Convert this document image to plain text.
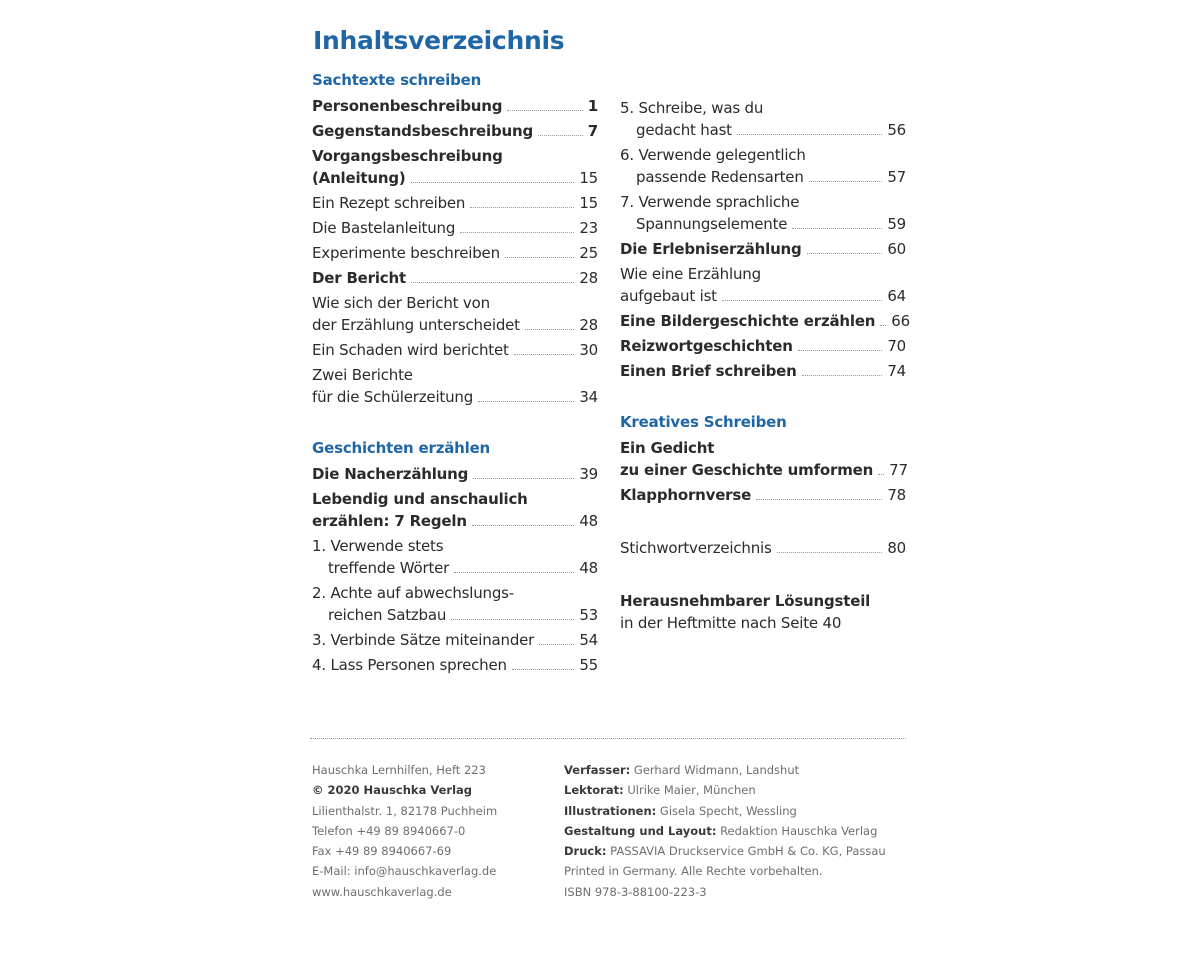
Inhaltsverzeichnis
Sachtexte schreiben
Personenbeschreibung	1
Gegenstandsbeschreibung	7
Vorgangsbeschreibung
(Anleitung)	15
Ein Rezept schreiben	15
Die Bastelanleitung	23
Experimente beschreiben	25
Der Bericht	28
Wie sich der Bericht von
der Erzählung unterscheidet	28
Ein Schaden wird berichtet	30
Zwei Berichte
für die Schülerzeitung	34
Geschichten erzählen
Die Nacherzählung	39
Lebendig und anschaulich
erzählen: 7 Regeln	48
1. Verwende stets
treffende Wörter	48
2. Achte auf abwechslungs-
reichen Satzbau	53
3. Verbinde Sätze miteinander	54
4. Lass Personen sprechen	55
5. Schreibe, was du
gedacht hast	56
6. Verwende gelegentlich
passende Redensarten	57
7. Verwende sprachliche
Spannungselemente	59
Die Erlebniserzählung	60
Wie eine Erzählung
aufgebaut ist	64
Eine Bildergeschichte erzählen 66
Reizwortgeschichten	70
Einen Brief schreiben	74
Kreatives Schreiben
Ein Gedicht
zu einer Geschichte umformen 77
Klapphornverse	78
Stichwortverzeichnis	80
Herausnehmbarer Lösungsteil
in der Heftmitte nach Seite 40
Hauschka Lernhilfen, Heft 223
© 2020 Hauschka Verlag
Lilienthalstr. 1, 82178 Puchheim
Telefon +49 89 8940667-0
Fax +49 89 8940667-69
E-Mail: info@hauschkaverlag.de
www.hauschkaverlag.de
Verfasser: Gerhard Widmann, Landshut
Lektorat: Ulrike Maier, München
Illustrationen: Gisela Specht, Wessling
Gestaltung und Layout: Redaktion Hauschka Verlag
Druck: PASSAVIA Druckservice GmbH & Co. KG, Passau
Printed in Germany. Alle Rechte vorbehalten.
ISBN 978-3-88100-223-3
